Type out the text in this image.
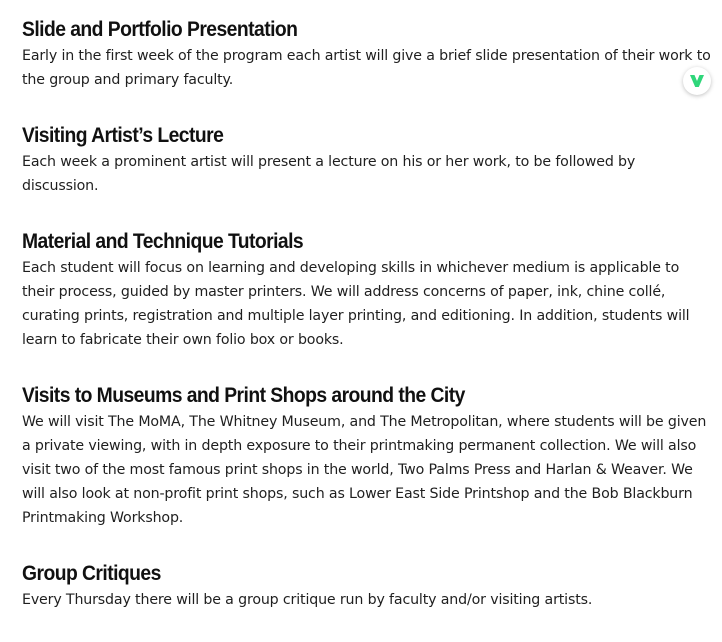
Slide and Portfolio Presentation

Early in the first week of the program each artist will give a brief slide presentation of their work to the group and primary faculty.

Visiting Artist’s Lecture

Each week a prominent artist will present a lecture on his or her work, to be followed by discussion.

Material and Technique Tutorials

Each student will focus on learning and developing skills in whichever medium is applicable to their process, guided by master printers. We will address concerns of paper, ink, chine collé, curating prints, registration and multiple layer printing, and editioning. In addition, students will learn to fabricate their own folio box or books.

Visits to Museums and Print Shops around the City

We will visit The MoMA, The Whitney Museum, and The Metropolitan, where students will be given a private viewing, with in depth exposure to their printmaking permanent collection. We will also visit two of the most famous print shops in the world, Two Palms Press and Harlan & Weaver. We will also look at non-profit print shops, such as Lower East Side Printshop and the Bob Blackburn Printmaking Workshop.

Group Critiques

Every Thursday there will be a group critique run by faculty and/or visiting artists.
